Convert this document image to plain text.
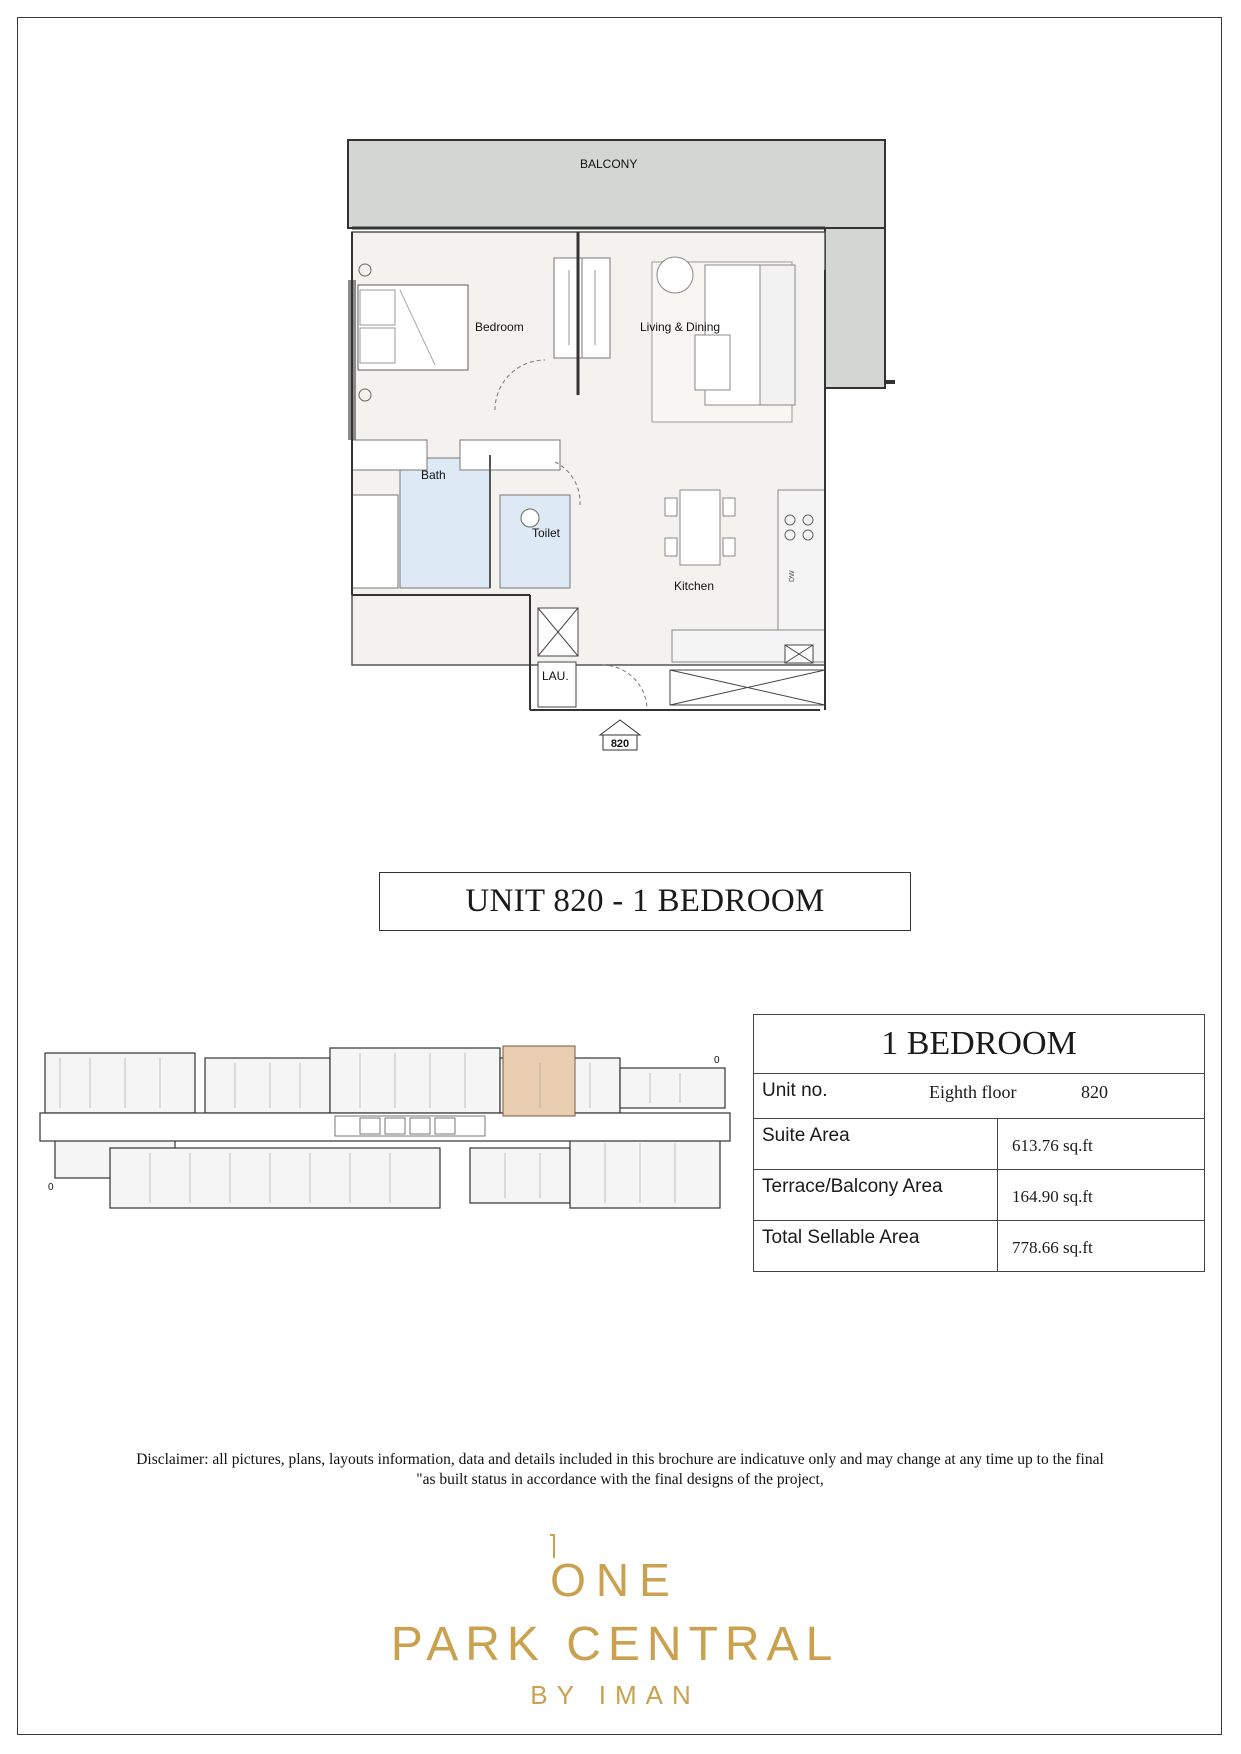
820
BALCONY
Bedroom	Living & Dining
Bath
Toilet
Kitchen
LAU.
DW
UNIT 820 - 1 BEDROOM
0
0	1 BEDROOM	

Unit no. Eighth floor 820	

Suite Area	613.76 sq.ft
Terrace/Balcony Area	164.90 sq.ft
Total Sellable Area	778.66 sq.ft
Disclaimer: all pictures, plans, layouts information, data and details included in this brochure are indicatuve only and may change at any time up to the final
"as built status in accordance with the final designs of the project,
ONE
PARK CENTRAL
BY IMAN
